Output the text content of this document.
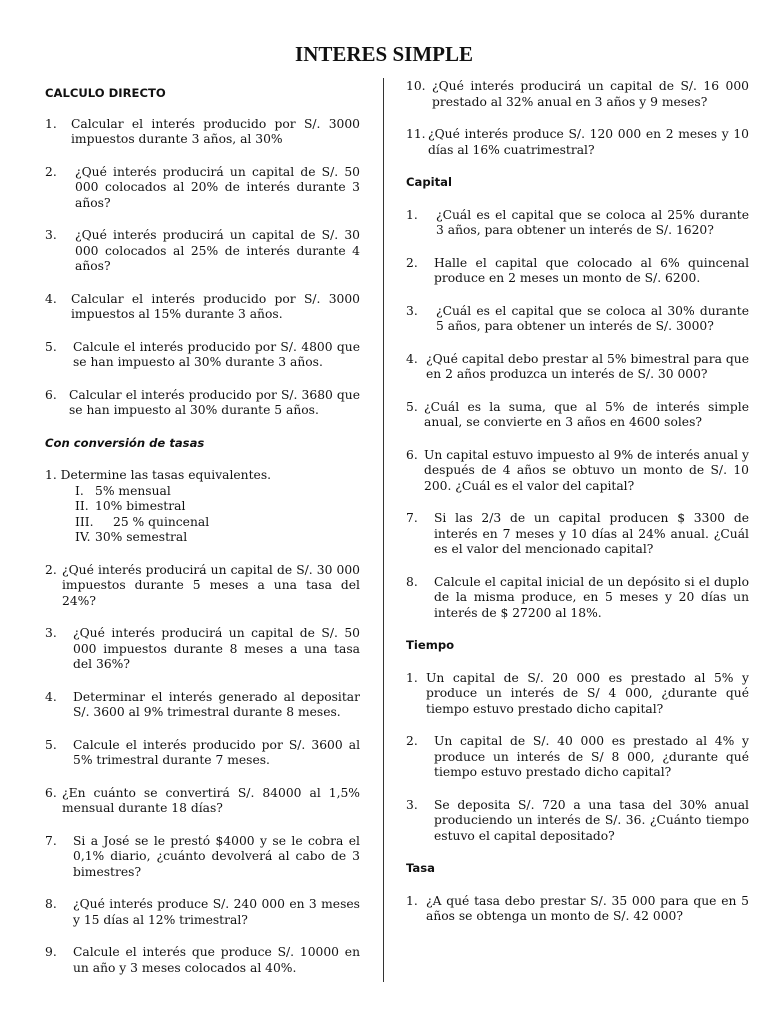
INTERES SIMPLE

CALCULO DIRECTO

1.	Calcular el interés producido por S/. 3000 impuestos durante 3 años, al 30%
2.	¿Qué interés producirá un capital de S/. 50 000 colocados al 20% de interés durante 3 años?
3.	¿Qué interés producirá un capital de S/. 30 000 colocados al 25% de interés durante 4 años?
4.	Calcular el interés producido por S/. 3000 impuestos al 15% durante 3 años.
5.	Calcule el interés producido por S/. 4800 que se han impuesto al 30% durante 3 años.
6. Calcular el interés producido por S/. 3680 que se han impuesto al 30% durante 5 años.

Con conversión de tasas

1. Determine las tasas equivalentes.

I. 5% mensual
II. 10% bimestral
III. 25 % quincenal
IV. 30% semestral
2. ¿Qué interés producirá un capital de S/. 30 000 impuestos durante 5 meses a una tasa del 24%?
3.	¿Qué interés producirá un capital de S/. 50 000 impuestos durante 8 meses a una tasa del 36%?
4.	Determinar el interés generado al depositar S/. 3600 al 9% trimestral durante 8 meses.
5.	Calcule el interés producido por S/. 3600 al 5% trimestral durante 7 meses.
6. ¿En cuánto se convertirá S/. 84000 al 1,5% mensual durante 18 días?
7.	Si a José se le prestó $4000 y se le cobra el 0,1% diario, ¿cuánto devolverá al cabo de 3 bimestres?
8.	¿Qué interés produce S/. 240 000 en 3 meses y 15 días al 12% trimestral?
9.	Calcule el interés que produce S/. 10000 en un año y 3 meses colocados al 40%.
10. ¿Qué interés producirá un capital de S/. 16 000 prestado al 32% anual en 3 años y 9 meses?
11. ¿Qué interés produce S/. 120 000 en 2 meses y 10 días al 16% cuatrimestral?

Capital

1.	¿Cuál es el capital que se coloca al 25% durante 3 años, para obtener un interés de S/. 1620?
2.	Halle el capital que colocado al 6% quincenal produce en 2 meses un monto de S/. 6200.
3.	¿Cuál es el capital que se coloca al 30% durante 5 años, para obtener un interés de S/. 3000?
4. ¿Qué capital debo prestar al 5% bimestral para que en 2 años produzca un interés de S/. 30 000?
5. ¿Cuál es la suma, que al 5% de interés simple anual, se convierte en 3 años en 4600 soles?
6. Un capital estuvo impuesto al 9% de interés anual y después de 4 años se obtuvo un monto de S/. 10 200. ¿Cuál es el valor del capital?
7.	Si las 2/3 de un capital producen $ 3300 de interés en 7 meses y 10 días al 24% anual. ¿Cuál es el valor del mencionado capital?
8.	Calcule el capital inicial de un depósito si el duplo de la misma produce, en 5 meses y 20 días un interés de $ 27200 al 18%.

Tiempo

1. Un capital de S/. 20 000 es prestado al 5% y produce un interés de S/ 4 000, ¿durante qué tiempo estuvo prestado dicho capital?
2.	Un capital de S/. 40 000 es prestado al 4% y produce un interés de S/ 8 000, ¿durante qué tiempo estuvo prestado dicho capital?
3.	Se deposita S/. 720 a una tasa del 30% anual produciendo un interés de S/. 36. ¿Cuánto tiempo estuvo el capital depositado?

Tasa

1. ¿A qué tasa debo prestar S/. 35 000 para que en 5 años se obtenga un monto de S/. 42 000?
